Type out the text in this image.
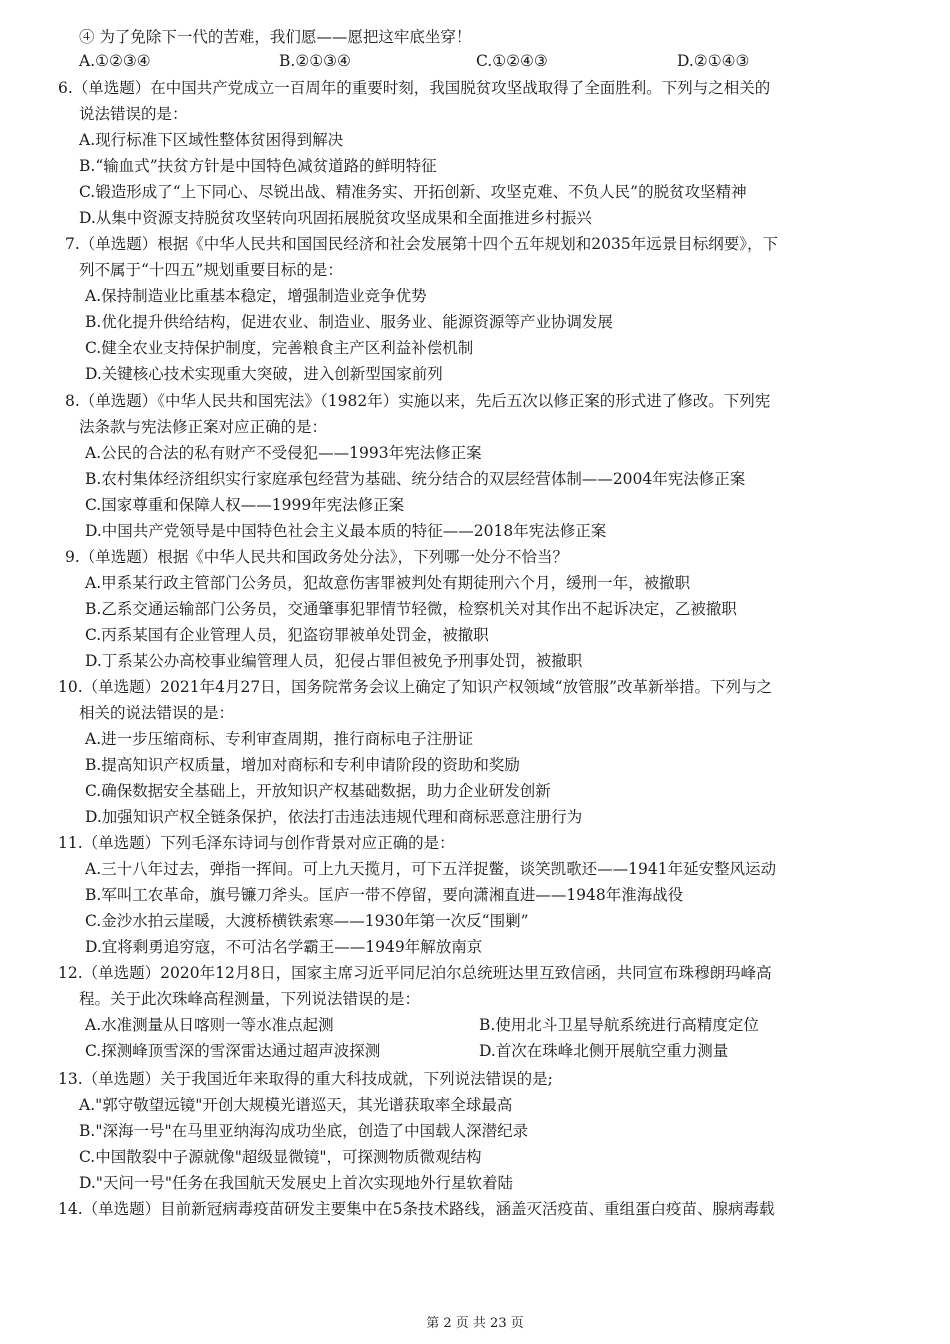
④ 为了免除下一代的苦难，我们愿——愿把这牢底坐穿！
A.①②③④	B.②①③④	C.①②④③	D.②①④③
6.（单选题）在中国共产党成立一百周年的重要时刻，我国脱贫攻坚战取得了全面胜利。下列与之相关的
说法错误的是：
A.现行标准下区域性整体贫困得到解决
B.“输血式”扶贫方针是中国特色减贫道路的鲜明特征
C.锻造形成了“上下同心、尽锐出战、精准务实、开拓创新、攻坚克难、不负人民”的脱贫攻坚精神
D.从集中资源支持脱贫攻坚转向巩固拓展脱贫攻坚成果和全面推进乡村振兴
7.（单选题）根据《中华人民共和国国民经济和社会发展第十四个五年规划和2035年远景目标纲要》，下
列不属于“十四五”规划重要目标的是：
A.保持制造业比重基本稳定，增强制造业竞争优势
B.优化提升供给结构，促进农业、制造业、服务业、能源资源等产业协调发展
C.健全农业支持保护制度，完善粮食主产区利益补偿机制
D.关键核心技术实现重大突破，进入创新型国家前列
8.（单选题）《中华人民共和国宪法》（1982年）实施以来，先后五次以修正案的形式进了修改。下列宪
法条款与宪法修正案对应正确的是：
A.公民的合法的私有财产不受侵犯——1993年宪法修正案
B.农村集体经济组织实行家庭承包经营为基础、统分结合的双层经营体制——2004年宪法修正案
C.国家尊重和保障人权——1999年宪法修正案
D.中国共产党领导是中国特色社会主义最本质的特征——2018年宪法修正案
9.（单选题）根据《中华人民共和国政务处分法》，下列哪一处分不恰当？
A.甲系某行政主管部门公务员，犯故意伤害罪被判处有期徒刑六个月，缓刑一年，被撤职
B.乙系交通运输部门公务员，交通肇事犯罪情节轻微，检察机关对其作出不起诉决定，乙被撤职
C.丙系某国有企业管理人员，犯盗窃罪被单处罚金，被撤职
D.丁系某公办高校事业编管理人员，犯侵占罪但被免予刑事处罚，被撤职
10.（单选题）2021年4月27日，国务院常务会议上确定了知识产权领域“放管服”改革新举措。下列与之
相关的说法错误的是：
A.进一步压缩商标、专利审查周期，推行商标电子注册证
B.提高知识产权质量，增加对商标和专利申请阶段的资助和奖励
C.确保数据安全基础上，开放知识产权基础数据，助力企业研发创新
D.加强知识产权全链条保护，依法打击违法违规代理和商标恶意注册行为
11.（单选题）下列毛泽东诗词与创作背景对应正确的是：
A.三十八年过去，弹指一挥间。可上九天揽月，可下五洋捉鳖，谈笑凯歌还——1941年延安整风运动
B.军叫工农革命，旗号镰刀斧头。匡庐一带不停留，要向潇湘直进——1948年淮海战役
C.金沙水拍云崖暖，大渡桥横铁索寒——1930年第一次反“围剿”
D.宜将剩勇追穷寇，不可沽名学霸王——1949年解放南京
12.（单选题）2020年12月8日，国家主席习近平同尼泊尔总统班达里互致信函，共同宣布珠穆朗玛峰高
程。关于此次珠峰高程测量，下列说法错误的是：
A.水准测量从日喀则一等水准点起测	B.使用北斗卫星导航系统进行高精度定位
C.探测峰顶雪深的雪深雷达通过超声波探测	D.首次在珠峰北侧开展航空重力测量
13.（单选题）关于我国近年来取得的重大科技成就，下列说法错误的是;
A."郭守敬望远镜"开创大规模光谱巡天，其光谱获取率全球最高
B."深海一号"在马里亚纳海沟成功坐底，创造了中国载人深潜纪录
C.中国散裂中子源就像"超级显微镜"，可探测物质微观结构
D."天问一号"任务在我国航天发展史上首次实现地外行星软着陆
14.（单选题）目前新冠病毒疫苗研发主要集中在5条技术路线，涵盖灭活疫苗、重组蛋白疫苗、腺病毒载
第 2 页 共 23 页
